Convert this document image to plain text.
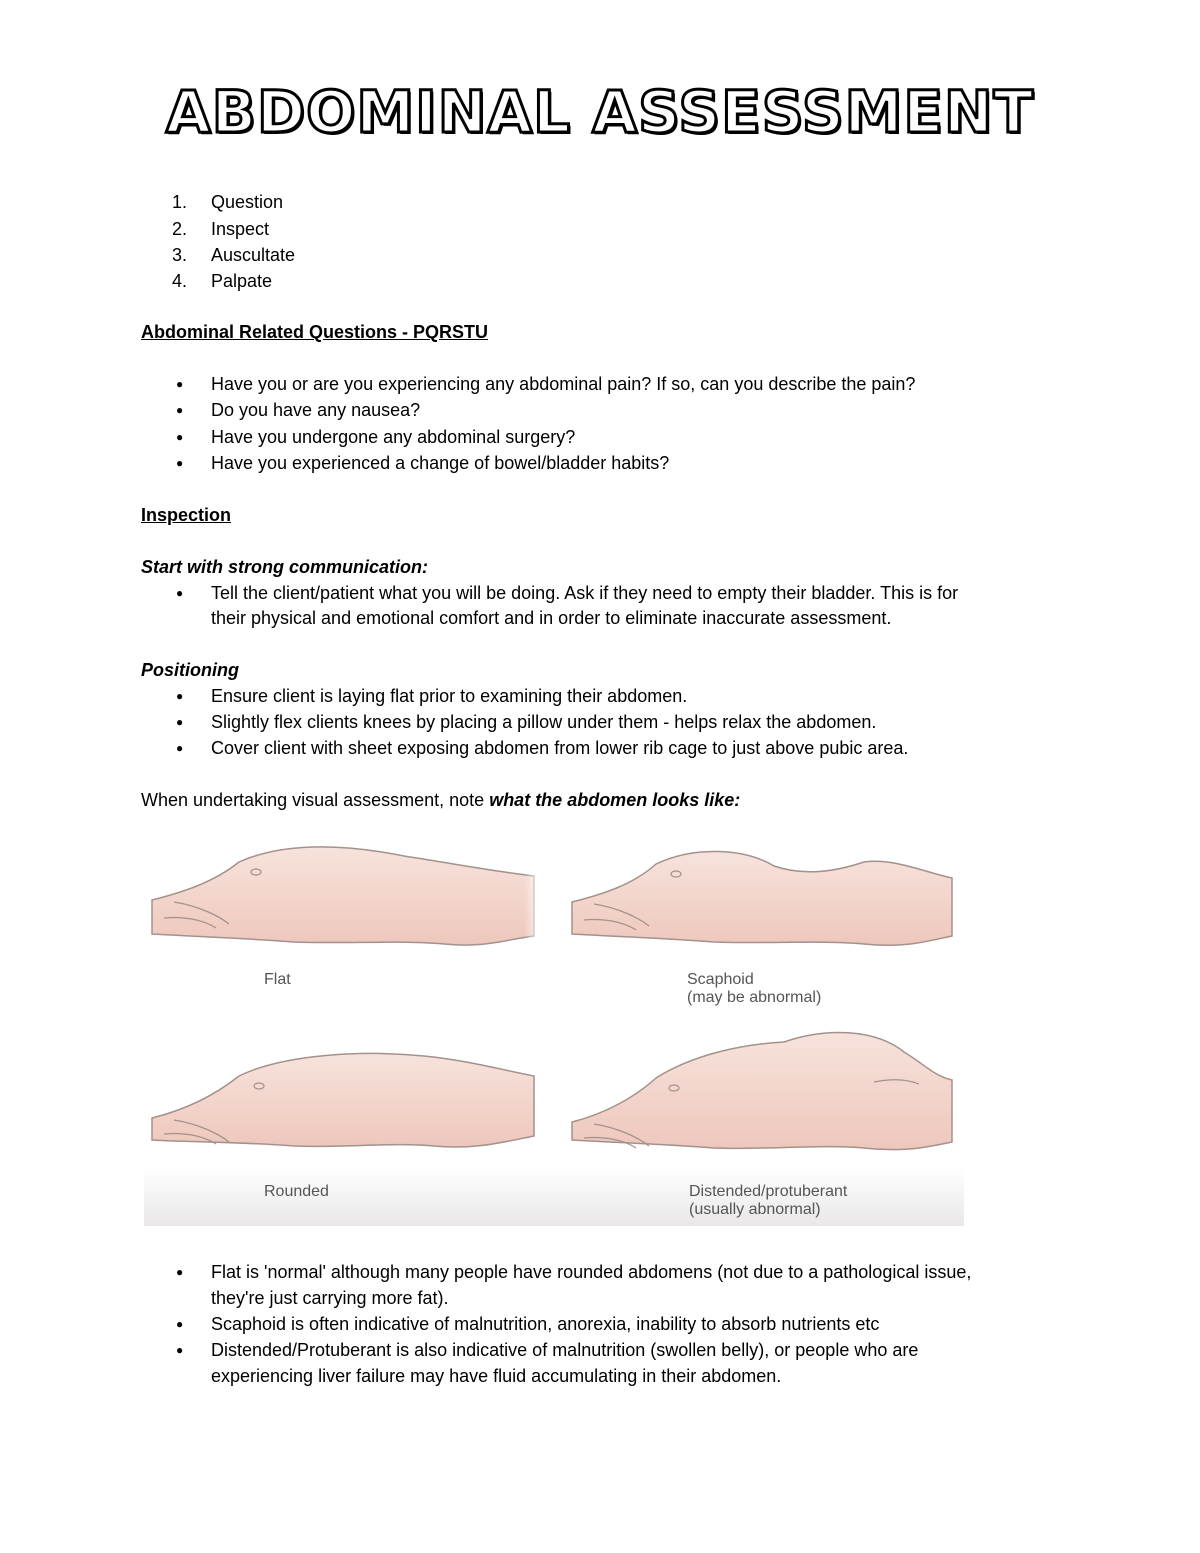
ABDOMINAL ASSESSMENT
1. Question
2. Inspect
3. Auscultate
4. Palpate
Abdominal Related Questions - PQRSTU
● Have you or are you experiencing any abdominal pain? If so, can you describe the pain?
● Do you have any nausea?
● Have you undergone any abdominal surgery?
● Have you experienced a change of bowel/bladder habits?
Inspection
Start with strong communication:
● Tell the client/patient what you will be doing. Ask if they need to empty their bladder. This is for
their physical and emotional comfort and in order to eliminate inaccurate assessment.
Positioning
● Ensure client is laying flat prior to examining their abdomen.
● Slightly flex clients knees by placing a pillow under them - helps relax the abdomen.
● Cover client with sheet exposing abdomen from lower rib cage to just above pubic area.
When undertaking visual assessment, note what the abdomen looks like:
Flat	Scaphoid
(may be abnormal)
Rounded	Distended/protuberant
(usually abnormal)
● Flat is 'normal' although many people have rounded abdomens (not due to a pathological issue,
they're just carrying more fat).
● Scaphoid is often indicative of malnutrition, anorexia, inability to absorb nutrients etc
● Distended/Protuberant is also indicative of malnutrition (swollen belly), or people who are
experiencing liver failure may have fluid accumulating in their abdomen.
